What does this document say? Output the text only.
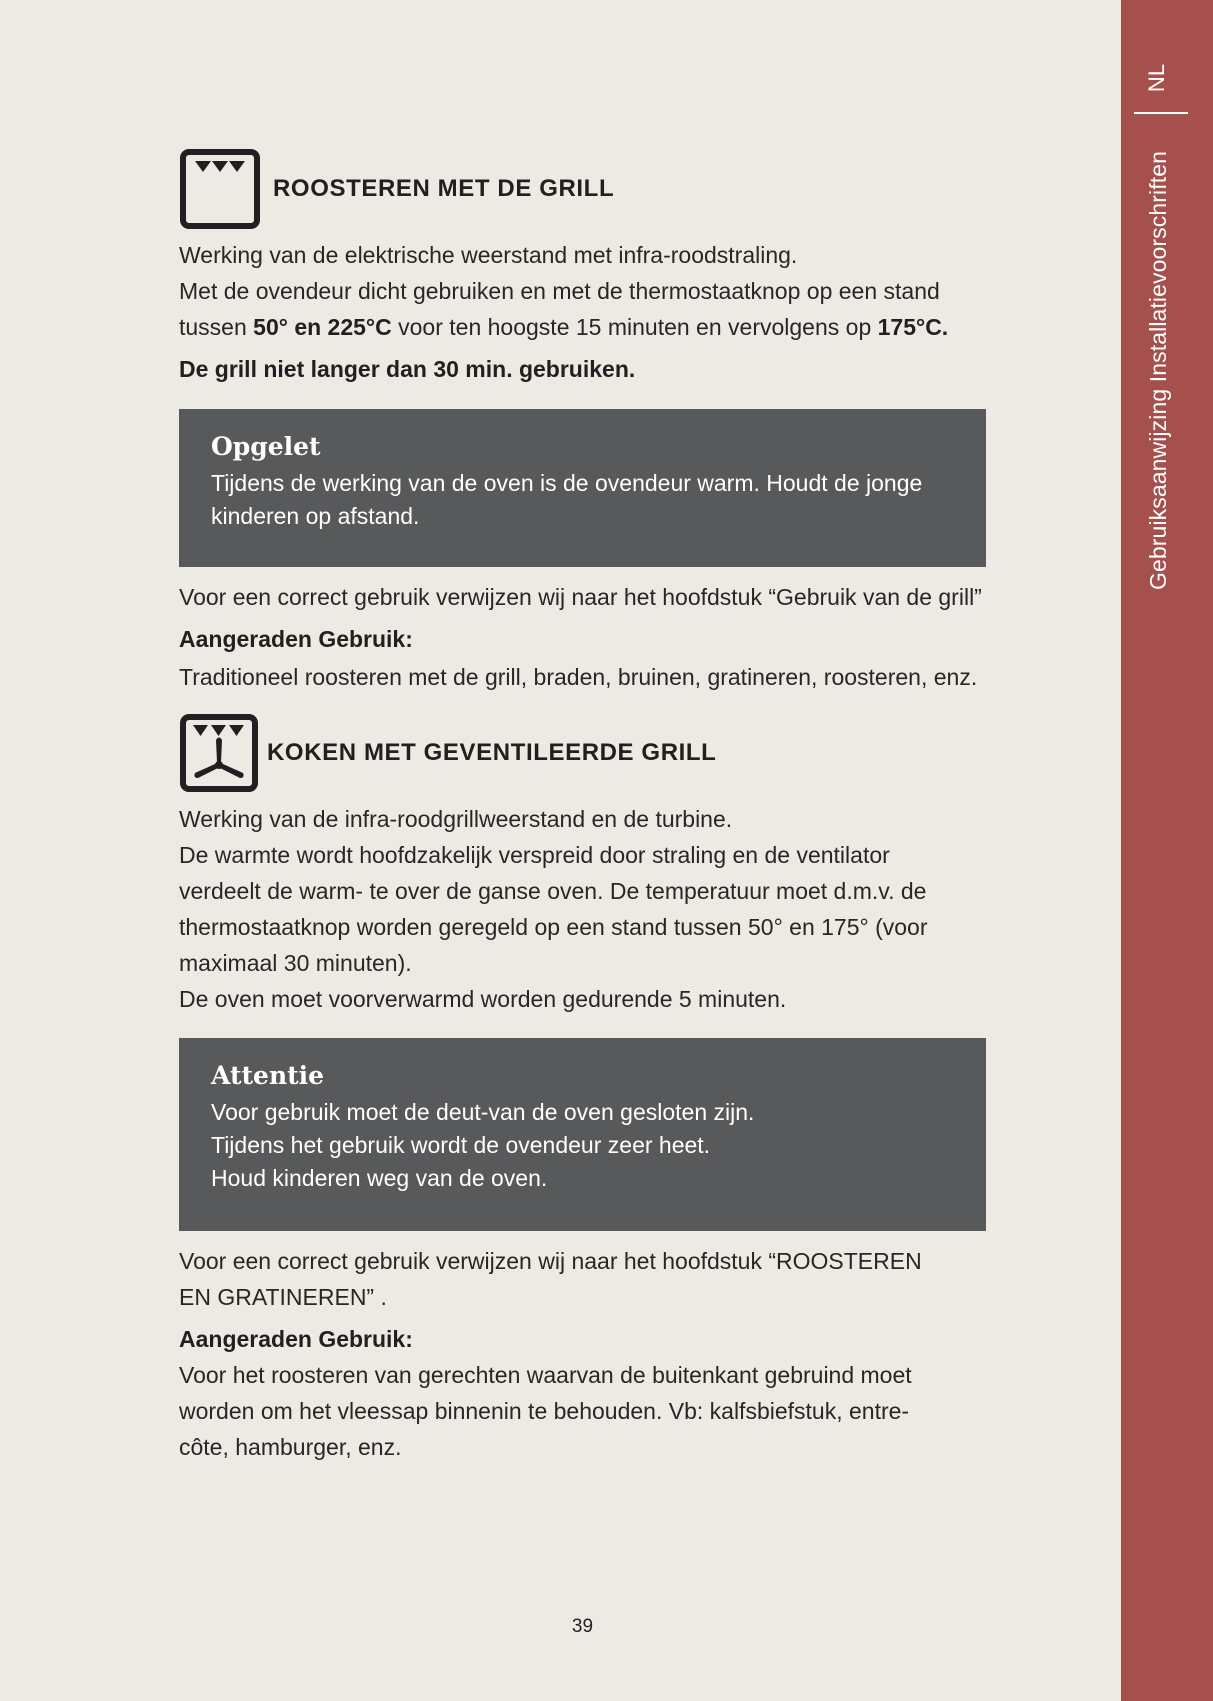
NL
Gebruiksaanwijzing Installatievoorschriften
ROOSTEREN MET DE GRILL
Werking van de elektrische weerstand met infra-roodstraling.
Met de ovendeur dicht gebruiken en met de thermostaatknop op een stand
tussen 50° en 225°C voor ten hoogste 15 minuten en vervolgens op 175°C.
De grill niet langer dan 30 min. gebruiken.
Opgelet
Tijdens de werking van de oven is de ovendeur warm. Houdt de jonge
kinderen op afstand.
Voor een correct gebruik verwijzen wij naar het hoofdstuk “Gebruik van de grill”
Aangeraden Gebruik:
Traditioneel roosteren met de grill, braden, bruinen, gratineren, roosteren, enz.
KOKEN MET GEVENTILEERDE GRILL
Werking van de infra-roodgrillweerstand en de turbine.
De warmte wordt hoofdzakelijk verspreid door straling en de ventilator
verdeelt de warm- te over de ganse oven. De temperatuur moet d.m.v. de
thermostaatknop worden geregeld op een stand tussen 50° en 175° (voor
maximaal 30 minuten).
De oven moet voorverwarmd worden gedurende 5 minuten.
Attentie
Voor gebruik moet de deut-van de oven gesloten zijn.
Tijdens het gebruik wordt de ovendeur zeer heet.
Houd kinderen weg van de oven.
Voor een correct gebruik verwijzen wij naar het hoofdstuk “ROOSTEREN
EN GRATINEREN” .
Aangeraden Gebruik:
Voor het roosteren van gerechten waarvan de buitenkant gebruind moet
worden om het vleessap binnenin te behouden. Vb: kalfsbiefstuk, entre-
côte, hamburger, enz.
39
